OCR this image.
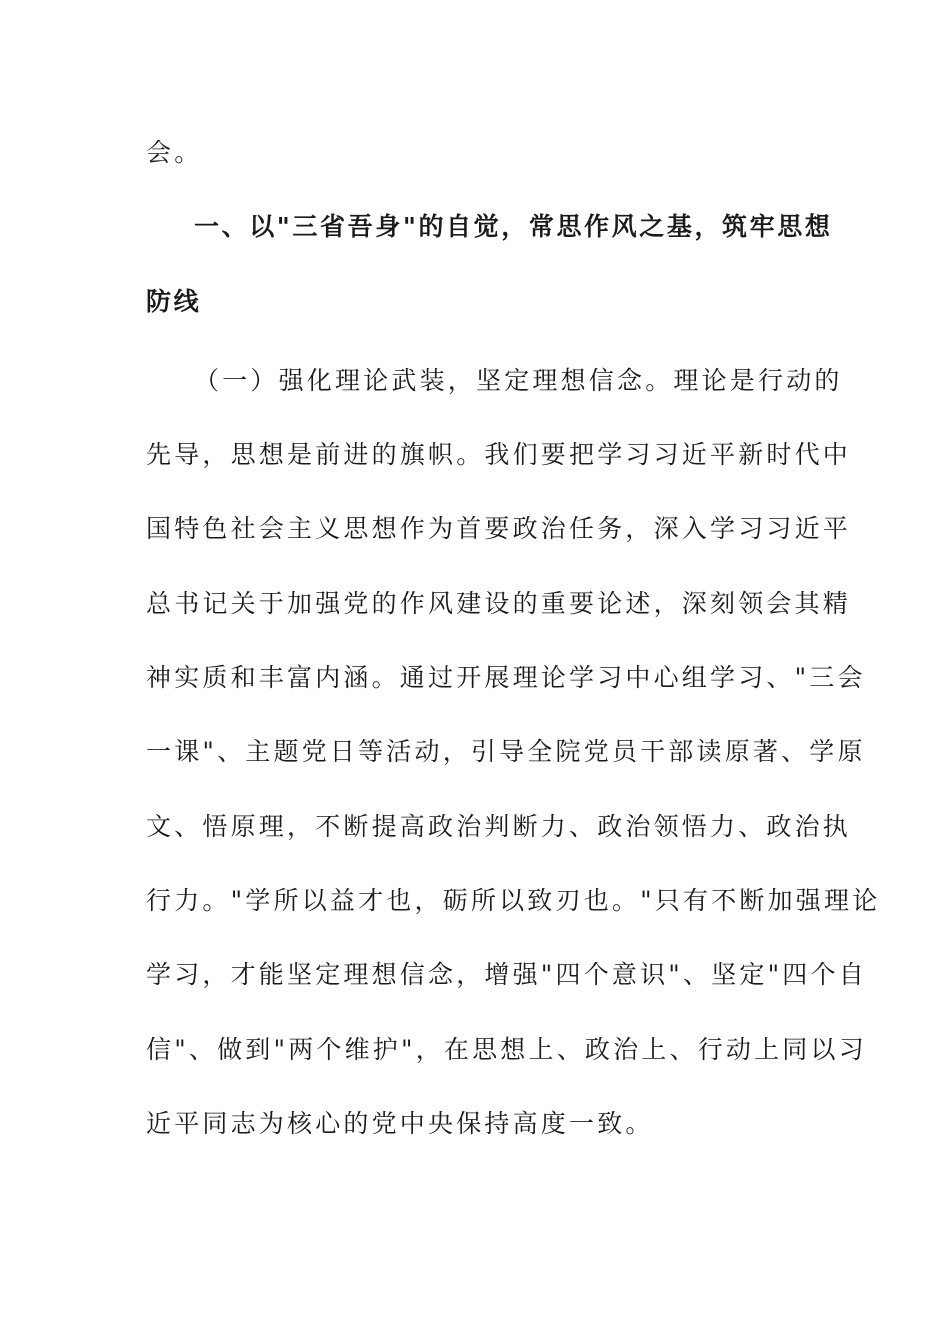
会。
一、以"三省吾身"的自觉，常思作风之基，筑牢思想
防线
（一）强化理论武装，坚定理想信念。理论是行动的
先导，思想是前进的旗帜。我们要把学习习近平新时代中
国特色社会主义思想作为首要政治任务，深入学习习近平
总书记关于加强党的作风建设的重要论述，深刻领会其精
神实质和丰富内涵。通过开展理论学习中心组学习、"三会
一课"、主题党日等活动，引导全院党员干部读原著、学原
文、悟原理，不断提高政治判断力、政治领悟力、政治执
行力。"学所以益才也，砺所以致刃也。"只有不断加强理论
学习，才能坚定理想信念，增强"四个意识"、坚定"四个自
信"、做到"两个维护"，在思想上、政治上、行动上同以习
近平同志为核心的党中央保持高度一致。
